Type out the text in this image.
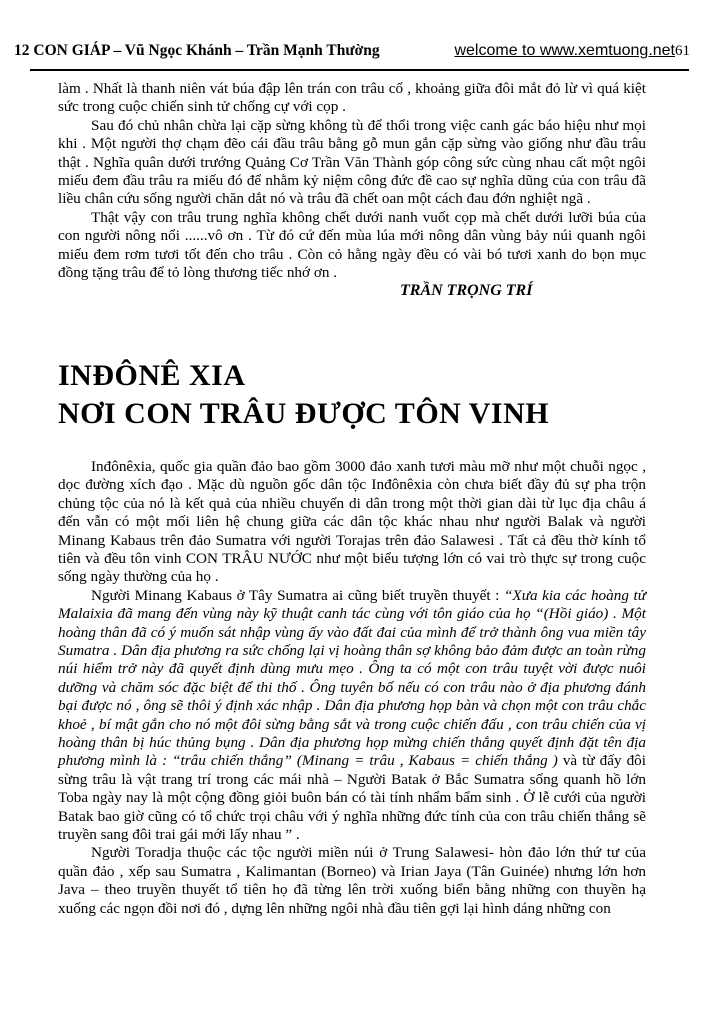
12 CON GIÁP – Vũ Ngọc Khánh – Trần Mạnh Thường	welcome to www.xemtuong.net61

làm . Nhất là thanh niên vát búa đập lên trán con trâu cổ , khoảng giữa đôi mắt đỏ lừ vì quá kiệt sức trong cuộc chiến sinh tử chống cự với cọp .

Sau đó chủ nhân chừa lại cặp sừng không tù để thổi trong việc canh gác báo hiệu như mọi khi . Một người thợ chạm đẽo cái đầu trâu bằng gỗ mun gắn cặp sừng vào giống như đầu trâu thật . Nghĩa quân dưới trướng Quảng Cơ Trần Văn Thành góp công sức cùng nhau cất một ngôi miếu đem đầu trâu ra miếu đó để nhằm kỷ niệm công đức đề cao sự nghĩa dũng của con trâu đã liều chân cứu sống người chăn dắt nó và trâu đã chết oan một cách đau đớn nghiệt ngã .

Thật vậy con trâu trung nghĩa không chết dưới nanh vuốt cọp mà chết dưới lưỡi búa của con người nông nổi ......vô ơn . Từ đó cứ đến mùa lúa mới nông dân vùng bảy núi quanh ngôi miếu đem rơm tươi tốt đến cho trâu . Còn cỏ hằng ngày đều có vài bó tươi xanh do bọn mục đồng tặng trâu để tỏ lòng thương tiếc nhớ ơn .

TRẦN TRỌNG TRÍ
INĐÔNÊ XIA
NƠI CON TRÂU ĐƯỢC TÔN VINH

Inđônêxia, quốc gia quần đảo bao gồm 3000 đảo xanh tươi màu mỡ như một chuỗi ngọc , dọc đường xích đạo . Mặc dù nguồn gốc dân tộc Inđônêxia còn chưa biết đầy đủ sự pha trộn chủng tộc của nó là kết quả của nhiều chuyến di dân trong một thời gian dài từ lục địa châu á đến vẫn có một mối liên hệ chung giữa các dân tộc khác nhau như người Balak và người Minang Kabaus trên đảo Sumatra với người Torajas trên đảo Salawesi . Tất cả đều thờ kính tổ tiên và đều tôn vinh CON TRÂU NƯỚC như một biểu tượng lớn có vai trò thực sự trong cuộc sống ngày thường của họ .

Người Minang Kabaus ở Tây Sumatra ai cũng biết truyền thuyết : “Xưa kia các hoàng tử Malaixia đã mang đến vùng này kỹ thuật canh tác cùng với tôn giáo của họ “(Hồi giáo) . Một hoàng thân đã có ý muốn sát nhập vùng ấy vào đất đai của mình để trở thành ông vua miền tây Sumatra . Dân địa phương ra sức chống lại vị hoàng thân sợ không bảo đảm được an toàn rừng núi hiểm trở này đã quyết định dùng mưu mẹo . Ông ta có một con trâu tuyệt vời được nuôi dưỡng và chăm sóc đặc biệt để thi thố . Ông tuyên bố nếu có con trâu nào ở địa phương đánh bại được nó , ông sẽ thôi ý định xác nhập . Dân địa phương họp bàn và chọn một con trâu chắc khoẻ , bí mật gắn cho nó một đôi sừng bằng sắt và trong cuộc chiến đấu , con trâu chiến của vị hoàng thân bị húc thủng bụng . Dân địa phương họp mừng chiến thắng quyết định đặt tên địa phương mình là : “trâu chiến thắng” (Minang = trâu , Kabaus = chiến thắng ) và từ đấy đôi sừng trâu là vật trang trí trong các mái nhà – Người Batak ở Bắc Sumatra sống quanh hồ lớn Toba ngày nay là một cộng đồng giỏi buôn bán có tài tính nhẩm bẩm sinh . Ở lễ cưới của người Batak bao giờ cũng có tổ chức trọi châu với ý nghĩa những đức tính của con trâu chiến thắng sẽ truyền sang đôi trai gái mới lấy nhau ” .

Người Toradja thuộc các tộc người miền núi ở Trung Salawesi- hòn đảo lớn thứ tư của quần đảo , xếp sau Sumatra , Kalimantan (Borneo) và Irian Jaya (Tân Guinée) nhưng lớn hơn Java – theo truyền thuyết tổ tiên họ đã từng lên trời xuống biển bằng những con thuyền hạ xuống các ngọn đồi nơi đó , dựng lên những ngôi nhà đầu tiên gợi lại hình dáng những con
